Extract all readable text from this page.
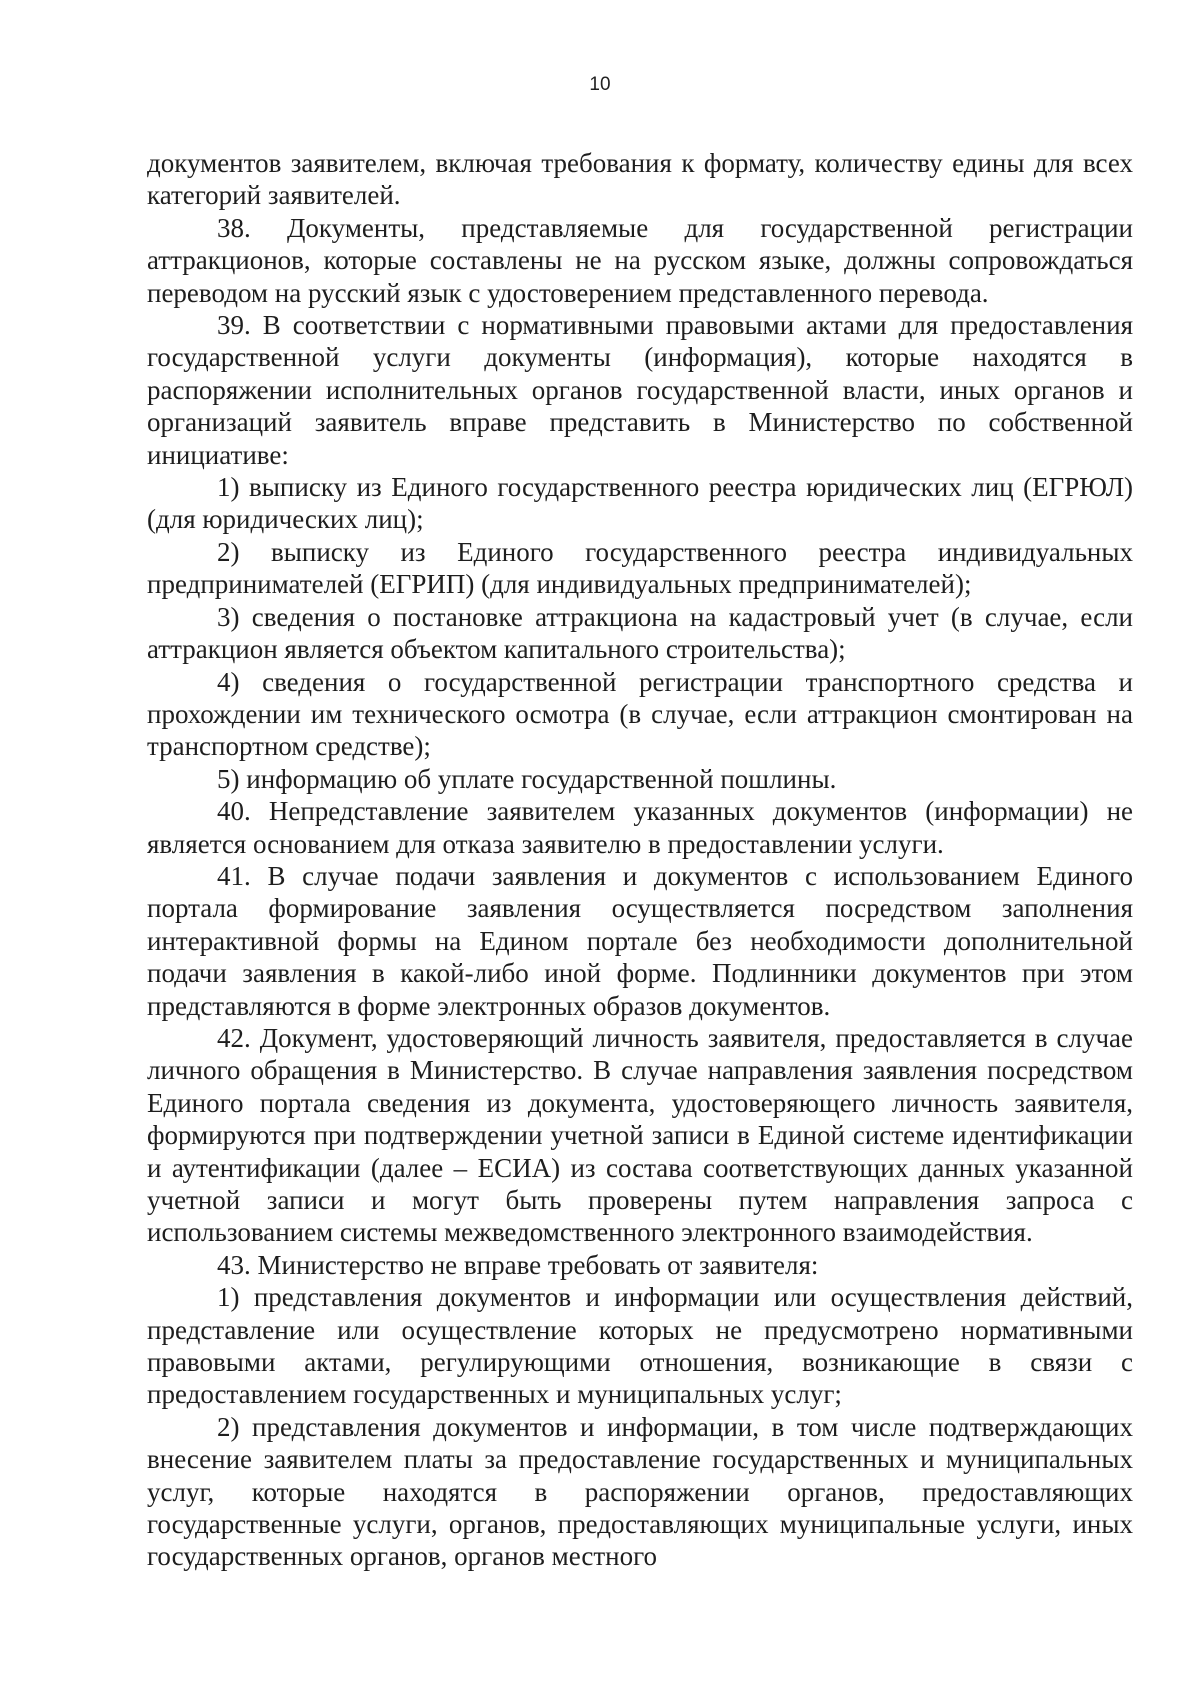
10

документов заявителем, включая требования к формату, количеству едины для всех категорий заявителей.

38. Документы, представляемые для государственной регистрации аттракционов, которые составлены не на русском языке, должны сопровождаться переводом на русский язык с удостоверением представленного перевода.

39. В соответствии с нормативными правовыми актами для предоставления государственной услуги документы (информация), которые находятся в распоряжении исполнительных органов государственной власти, иных органов и организаций заявитель вправе представить в Министерство по собственной инициативе:

1) выписку из Единого государственного реестра юридических лиц (ЕГРЮЛ) (для юридических лиц);

2) выписку из Единого государственного реестра индивидуальных предпринимателей (ЕГРИП) (для индивидуальных предпринимателей);

3) сведения о постановке аттракциона на кадастровый учет (в случае, если аттракцион является объектом капитального строительства);

4) сведения о государственной регистрации транспортного средства и прохождении им технического осмотра (в случае, если аттракцион смонтирован на транспортном средстве);

5) информацию об уплате государственной пошлины.

40. Непредставление заявителем указанных документов (информации) не является основанием для отказа заявителю в предоставлении услуги.

41. В случае подачи заявления и документов с использованием Единого портала формирование заявления осуществляется посредством заполнения интерактивной формы на Едином портале без необходимости дополнительной подачи заявления в какой-либо иной форме. Подлинники документов при этом представляются в форме электронных образов документов.

42. Документ, удостоверяющий личность заявителя, предоставляется в случае личного обращения в Министерство. В случае направления заявления посредством Единого портала сведения из документа, удостоверяющего личность заявителя, формируются при подтверждении учетной записи в Единой системе идентификации и аутентификации (далее – ЕСИА) из состава соответствующих данных указанной учетной записи и могут быть проверены путем направления запроса с использованием системы межведомственного электронного взаимодействия.

43. Министерство не вправе требовать от заявителя:

1) представления документов и информации или осуществления действий, представление или осуществление которых не предусмотрено нормативными правовыми актами, регулирующими отношения, возникающие в связи с предоставлением государственных и муниципальных услуг;

2) представления документов и информации, в том числе подтверждающих внесение заявителем платы за предоставление государственных и муниципальных услуг, которые находятся в распоряжении органов, предоставляющих государственные услуги, органов, предоставляющих муниципальные услуги, иных государственных органов, органов местного
